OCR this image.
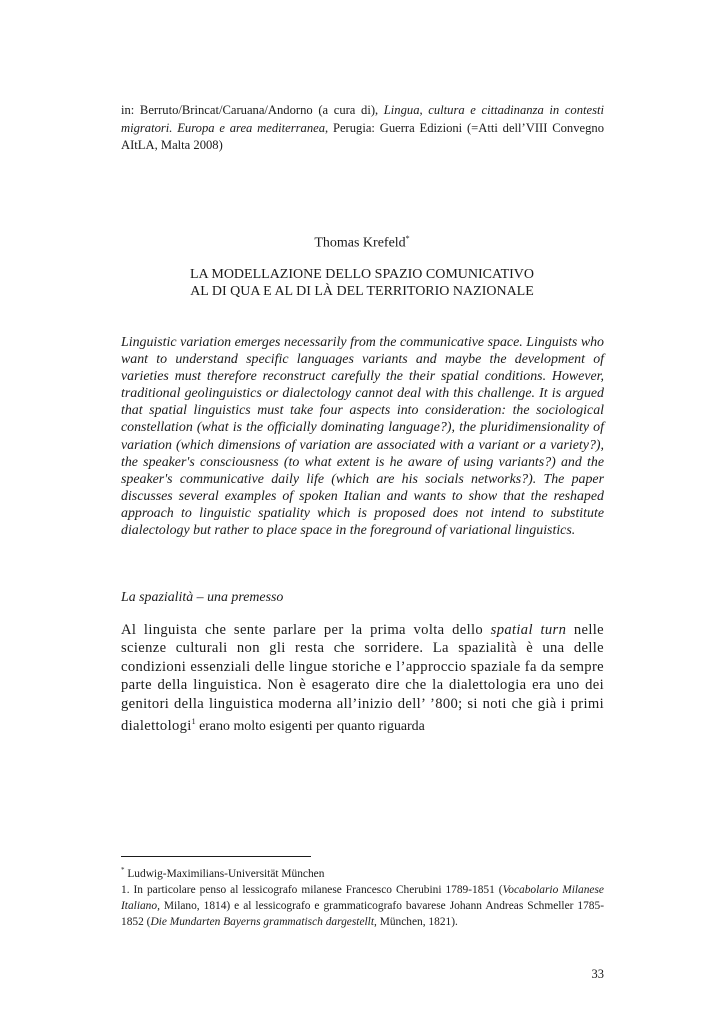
in: Berruto/Brincat/Caruana/Andorno (a cura di), Lingua, cultura e cittadinanza in contesti migratori. Europa e area mediterranea, Perugia: Guerra Edizioni (=Atti dell’VIII Convegno AItLA, Malta 2008)
Thomas Krefeld*
LA MODELLAZIONE DELLO SPAZIO COMUNICATIVO
AL DI QUA E AL DI LÀ DEL TERRITORIO NAZIONALE

Linguistic variation emerges necessarily from the communicative space. Linguists who want to understand specific languages variants and maybe the development of varieties must therefore reconstruct carefully the their spatial conditions. However, traditional geolinguistics or dialectology cannot deal with this challenge. It is argued that spatial linguistics must take four aspects into consideration: the sociological constellation (what is the officially dominating language?), the pluridimensionality of variation (which dimensions of variation are associated with a variant or a variety?), the speaker's consciousness (to what extent is he aware of using variants?) and the speaker's communicative daily life (which are his socials networks?). The paper discusses several examples of spoken Italian and wants to show that the reshaped approach to linguistic spatiality which is proposed does not intend to substitute dialectology but rather to place space in the foreground of variational linguistics.

La spazialità – una premesso

Al linguista che sente parlare per la prima volta dello spatial turn nelle scienze culturali non gli resta che sorridere. La spazialità è una delle condizioni essenziali delle lingue storiche e l’approccio spaziale fa da sempre parte della linguistica. Non è esagerato dire che la dialettologia era uno dei genitori della linguistica moderna all’inizio dell’ ’800; si noti che già i primi dialettologi$^1$ erano molto esigenti per quanto riguarda

* Ludwig-Maximilians-Universität München
1. In particolare penso al lessicografo milanese Francesco Cherubini 1789-1851 (Vocabolario Milanese Italiano, Milano, 1814) e al lessicografo e grammaticografo bavarese Johann Andreas Schmeller 1785-1852 (Die Mundarten Bayerns grammatisch dargestellt, München, 1821).
33
